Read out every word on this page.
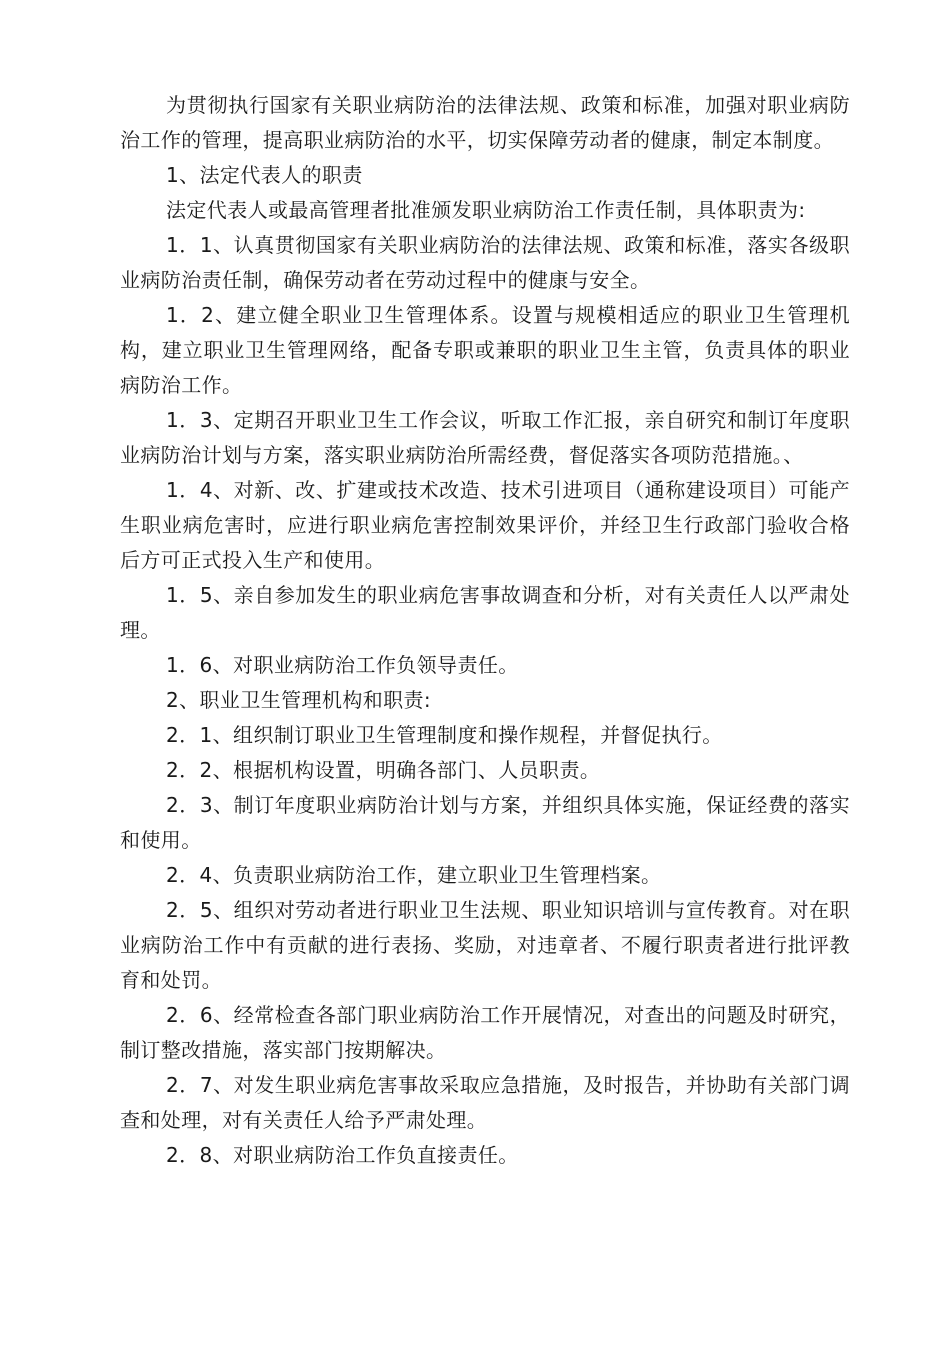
为贯彻执行国家有关职业病防治的法律法规、政策和标准，加强对职业病防治工作的管理，提高职业病防治的水平，切实保障劳动者的健康，制定本制度。

1、法定代表人的职责

法定代表人或最高管理者批准颁发职业病防治工作责任制，具体职责为:

1．1、认真贯彻国家有关职业病防治的法律法规、政策和标准，落实各级职业病防治责任制，确保劳动者在劳动过程中的健康与安全。

1．2、建立健全职业卫生管理体系。设置与规模相适应的职业卫生管理机构，建立职业卫生管理网络，配备专职或兼职的职业卫生主管，负责具体的职业病防治工作。

1．3、定期召开职业卫生工作会议，听取工作汇报，亲自研究和制订年度职业病防治计划与方案，落实职业病防治所需经费，督促落实各项防范措施。、

1．4、对新、改、扩建或技术改造、技术引进项目（通称建设项目）可能产生职业病危害时，应进行职业病危害控制效果评价，并经卫生行政部门验收合格后方可正式投入生产和使用。

1．5、亲自参加发生的职业病危害事故调查和分析，对有关责任人以严肃处理。

1．6、对职业病防治工作负领导责任。

2、职业卫生管理机构和职责:

2．1、组织制订职业卫生管理制度和操作规程，并督促执行。

2．2、根据机构设置，明确各部门、人员职责。

2．3、制订年度职业病防治计划与方案，并组织具体实施，保证经费的落实和使用。

2．4、负责职业病防治工作，建立职业卫生管理档案。

2．5、组织对劳动者进行职业卫生法规、职业知识培训与宣传教育。对在职业病防治工作中有贡献的进行表扬、奖励，对违章者、不履行职责者进行批评教育和处罚。

2．6、经常检查各部门职业病防治工作开展情况，对查出的问题及时研究，制订整改措施，落实部门按期解决。

2．7、对发生职业病危害事故采取应急措施，及时报告，并协助有关部门调查和处理，对有关责任人给予严肃处理。

2．8、对职业病防治工作负直接责任。
